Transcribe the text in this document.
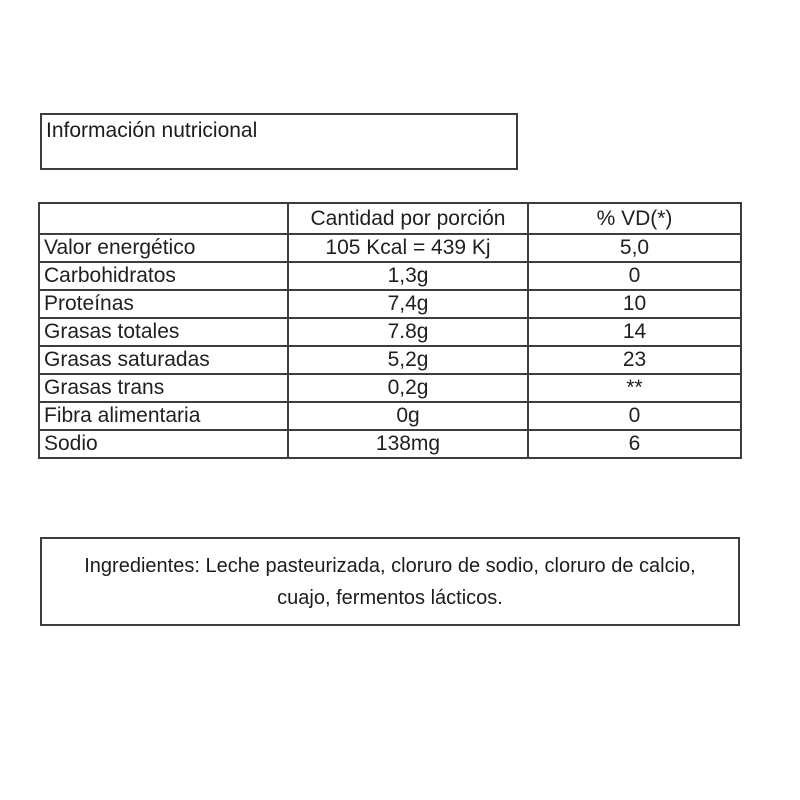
Información nutricional
	Cantidad por porción	% VD(*)
Valor energético	105 Kcal = 439 Kj	5,0
Carbohidratos	1,3g	0
Proteínas	7,4g	10
Grasas totales	7.8g	14
Grasas saturadas	5,2g	23
Grasas trans	0,2g	**
Fibra alimentaria	0g	0
Sodio	138mg	6
Ingredientes: Leche pasteurizada, cloruro de sodio, cloruro de calcio, cuajo, fermentos lácticos.
